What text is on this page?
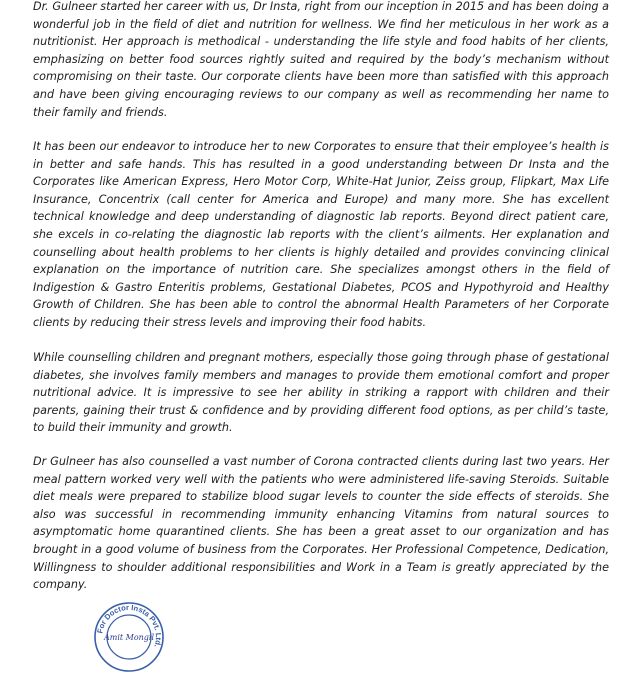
Dr. Gulneer started her career with us, Dr Insta, right from our inception in 2015 and has been doing a wonderful job in the field of diet and nutrition for wellness. We find her meticulous in her work as a nutritionist. Her approach is methodical - understanding the life style and food habits of her clients, emphasizing on better food sources rightly suited and required by the body’s mechanism without compromising on their taste. Our corporate clients have been more than satisfied with this approach and have been giving encouraging reviews to our company as well as recommending her name to their family and friends.

It has been our endeavor to introduce her to new Corporates to ensure that their employee’s health is in better and safe hands. This has resulted in a good understanding between Dr Insta and the Corporates like American Express, Hero Motor Corp, White-Hat Junior, Zeiss group, Flipkart, Max Life Insurance, Concentrix (call center for America and Europe) and many more. She has excellent technical knowledge and deep understanding of diagnostic lab reports. Beyond direct patient care, she excels in co-relating the diagnostic lab reports with the client’s ailments. Her explanation and counselling about health problems to her clients is highly detailed and provides convincing clinical explanation on the importance of nutrition care. She specializes amongst others in the field of Indigestion & Gastro Enteritis problems, Gestational Diabetes, PCOS and Hypothyroid and Healthy Growth of Children. She has been able to control the abnormal Health Parameters of her Corporate clients by reducing their stress levels and improving their food habits.

While counselling children and pregnant mothers, especially those going through phase of gestational diabetes, she involves family members and manages to provide them emotional comfort and proper nutritional advice. It is impressive to see her ability in striking a rapport with children and their parents, gaining their trust & confidence and by providing different food options, as per child’s taste, to build their immunity and growth.

Dr Gulneer has also counselled a vast number of Corona contracted clients during last two years. Her meal pattern worked very well with the patients who were administered life-saving Steroids. Suitable diet meals were prepared to stabilize blood sugar levels to counter the side effects of steroids. She also was successful in recommending immunity enhancing Vitamins from natural sources to asymptomatic home quarantined clients. She has been a great asset to our organization and has brought in a good volume of business from the Corporates. Her Professional Competence, Dedication, Willingness to shoulder additional responsibilities and Work in a Team is greatly appreciated by the company.

For Doctor Insta Pvt. Ltd.
Amit Mongil
